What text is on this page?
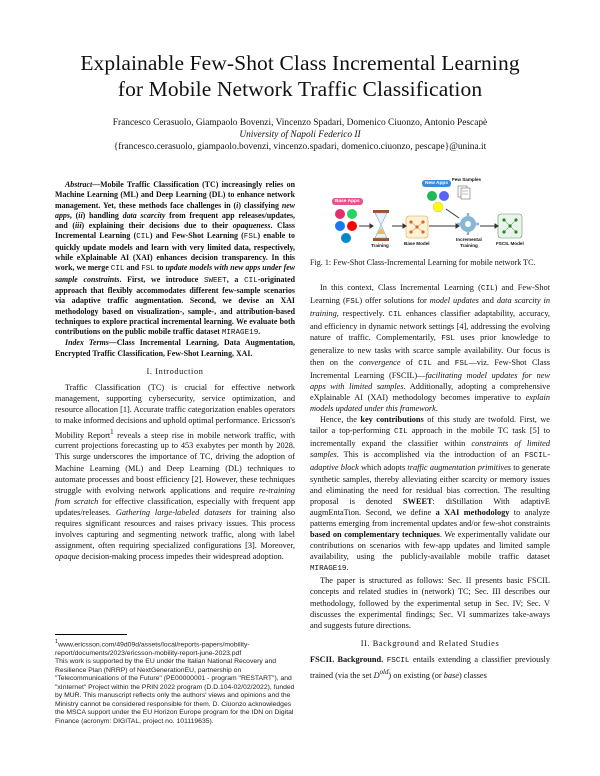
Explainable Few-Shot Class Incremental Learning
for Mobile Network Traffic Classification
Francesco Cerasuolo, Giampaolo Bovenzi, Vincenzo Spadari, Domenico Ciuonzo, Antonio Pescapè
University of Napoli Federico II
{francesco.cerasuolo, giampaolo.bovenzi, vincenzo.spadari, domenico.ciuonzo, pescape}@unina.it

Abstract—Mobile Traffic Classification (TC) increasingly relies on Machine Learning (ML) and Deep Learning (DL) to enhance network management. Yet, these methods face challenges in (i) classifying new apps, (ii) handling data scarcity from frequent app releases/updates, and (iii) explaining their decisions due to their opaqueness. Class Incremental Learning (CIL) and Few-Shot Learning (FSL) enable to quickly update models and learn with very limited data, respectively, while eXplainable AI (XAI) enhances decision transparency. In this work, we merge CIL and FSL to update models with new apps under few sample constraints. First, we introduce SWEET, a CIL-originated approach that flexibly accommodates different few-sample scenarios via adaptive traffic augmentation. Second, we devise an XAI methodology based on visualization-, sample-, and attribution-based techniques to explore practical incremental learning. We evaluate both contributions on the public mobile traffic dataset MIRAGE19.

Index Terms—Class Incremental Learning, Data Augmentation, Encrypted Traffic Classification, Few-Shot Learning, XAI.

I. Introduction

Traffic Classification (TC) is crucial for effective network management, supporting cybersecurity, service optimization, and resource allocation [1]. Accurate traffic categorization enables operators to make informed decisions and uphold optimal performance. Ericsson's Mobility Report$^1$ reveals a steep rise in mobile network traffic, with current projections forecasting up to 453 exabytes per month by 2028. This surge underscores the importance of TC, driving the adoption of Machine Learning (ML) and Deep Learning (DL) techniques to automate processes and boost efficiency [2]. However, these techniques struggle with evolving network applications and require re-training from scratch for effective classification, especially with frequent app updates/releases. Gathering large-labeled datasets for training also requires significant resources and raises privacy issues. This process involves capturing and segmenting network traffic, along with label assignment, often requiring specialized configurations [3]. Moreover, opaque decision-making process impedes their widespread adoption.

$^1$www.ericsson.com/49d09d/assets/local/reports-papers/mobility-report/documents/2023/ericsson-mobility-report-june-2023.pdf
This work is supported by the EU under the Italian National Recovery and Resilience Plan (NRRP) of NextGenerationEU, partnership on "Telecommunications of the Future" (PE00000001 - program "RESTART"), and "xInternet" Project within the PRIN 2022 program (D.D.104-02/02/2022), funded by MUR. This manuscript reflects only the authors' views and opinions and the Ministry cannot be considered responsible for them. D. Ciuonzo acknowledges the MSCA support under the EU Horizon Europe program for the IDN on Digital Finance (acronym: DIGITAL, project no. 101119635).
Base Apps
New Apps
Few Samples
Training	Base Model
Incremental
Training	FSCIL Model
Fig. 1: Few-Shot Class-Incremental Learning for mobile network TC.

In this context, Class Incremental Learning (CIL) and Few-Shot Learning (FSL) offer solutions for model updates and data scarcity in training, respectively. CIL enhances classifier adaptability, accuracy, and efficiency in dynamic network settings [4], addressing the evolving nature of traffic. Complementarily, FSL uses prior knowledge to generalize to new tasks with scarce sample availability. Our focus is then on the convergence of CIL and FSL—viz. Few-Shot Class Incremental Learning (FSCIL)—facilitating model updates for new apps with limited samples. Additionally, adopting a comprehensive eXplainable AI (XAI) methodology becomes imperative to explain models updated under this framework.

Hence, the key contributions of this study are twofold. First, we tailor a top-performing CIL approach in the mobile TC task [5] to incrementally expand the classifier within constraints of limited samples. This is accomplished via the introduction of an FSCIL-adaptive block which adopts traffic augmentation primitives to generate synthetic samples, thereby alleviating either scarcity or memory issues and eliminating the need for residual bias correction. The resulting proposal is denoted SWEET: diStillation With adaptivE augmEntaTion. Second, we define a XAI methodology to analyze patterns emerging from incremental updates and/or few-shot constraints based on complementary techniques. We experimentally validate our contributions on scenarios with few-app updates and limited sample availability, using the publicly-available mobile traffic dataset MIRAGE19.

The paper is structured as follows: Sec. II presents basic FSCIL concepts and related studies in (network) TC; Sec. III describes our methodology, followed by the experimental setup in Sec. IV; Sec. V discusses the experimental findings; Sec. VI summarizes take-aways and suggests future directions.

II. Background and Related Studies

FSCIL Background. FSCIL entails extending a classifier previously trained (via the set $D^{old}$) on existing (or base) classes
